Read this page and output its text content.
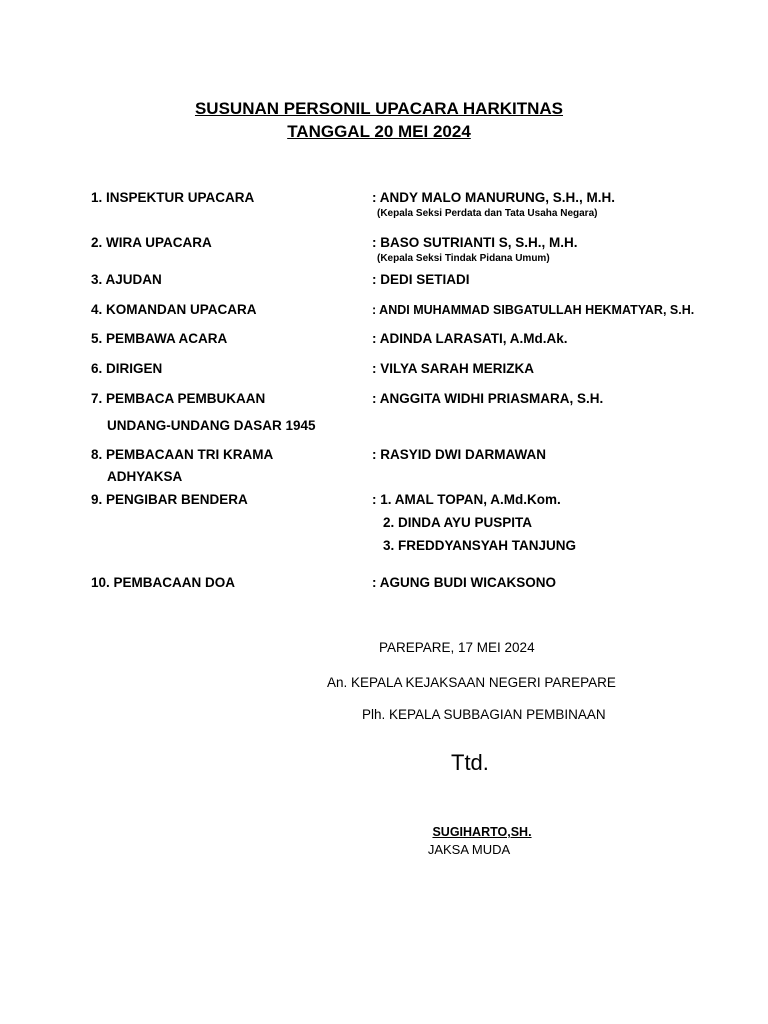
SUSUNAN PERSONIL UPACARA HARKITNAS
TANGGAL 20 MEI 2024
1. INSPEKTUR UPACARA	: ANDY MALO MANURUNG, S.H., M.H.
(Kepala Seksi Perdata dan Tata Usaha Negara)
2. WIRA UPACARA	: BASO SUTRIANTI S, S.H., M.H.
(Kepala Seksi Tindak Pidana Umum)
3. AJUDAN	: DEDI SETIADI
4. KOMANDAN UPACARA	: ANDI MUHAMMAD SIBGATULLAH HEKMATYAR, S.H.
5. PEMBAWA ACARA	: ADINDA LARASATI, A.Md.Ak.
6. DIRIGEN	: VILYA SARAH MERIZKA
7. PEMBACA PEMBUKAAN
UNDANG-UNDANG DASAR 1945
: ANGGITA WIDHI PRIASMARA, S.H.
8. PEMBACAAN TRI KRAMA
ADHYAKSA
: RASYID DWI DARMAWAN
9. PENGIBAR BENDERA	: 1. AMAL TOPAN, A.Md.Kom.
2. DINDA AYU PUSPITA
3. FREDDYANSYAH TANJUNG
10. PEMBACAAN DOA	: AGUNG BUDI WICAKSONO
PAREPARE, 17 MEI 2024
An. KEPALA KEJAKSAAN NEGERI PAREPARE
Plh. KEPALA SUBBAGIAN PEMBINAAN
Ttd.
SUGIHARTO,SH.
JAKSA MUDA
